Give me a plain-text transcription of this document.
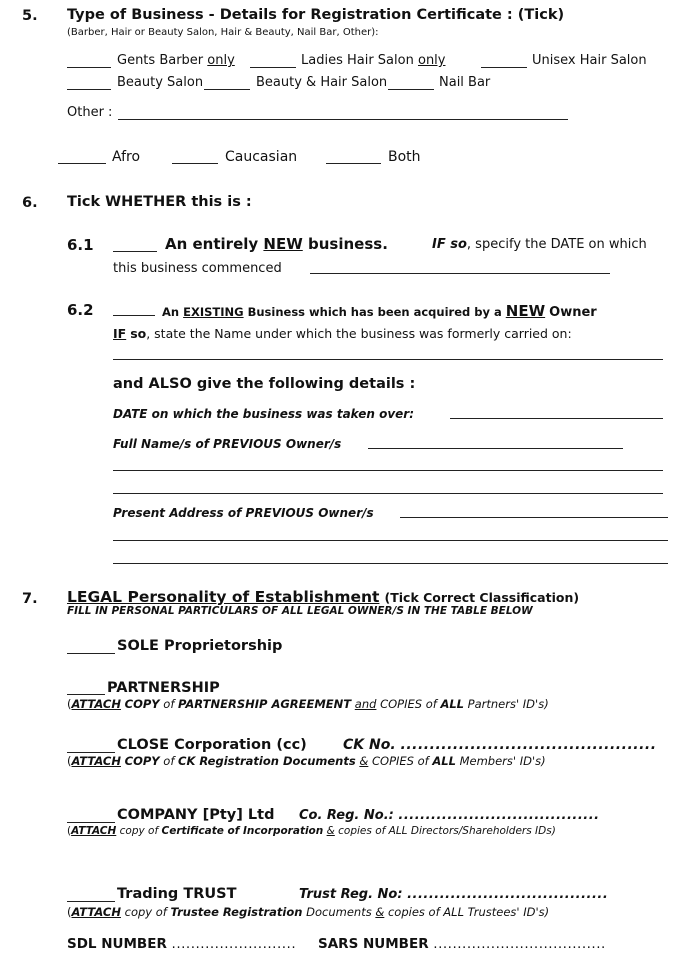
5. Type of Business - Details for Registration Certificate : (Tick)
(Barber, Hair or Beauty Salon, Hair & Beauty, Nail Bar, Other):
Gents Barber only	Ladies Hair Salon only	Unisex Hair Salon
Beauty Salon	Beauty & Hair Salon	Nail Bar
Other :
Afro	Caucasian	Both
6. Tick WHETHER this is :
6.1	An entirely NEW business.	IF so, specify the DATE on which
this business commenced
6.2	An EXISTING Business which has been acquired by a NEW Owner
IF so, state the Name under which the business was formerly carried on:
and ALSO give the following details :
DATE on which the business was taken over:
Full Name/s of PREVIOUS Owner/s
Present Address of PREVIOUS Owner/s
7. LEGAL Personality of Establishment (Tick Correct Classification)
FILL IN PERSONAL PARTICULARS OF ALL LEGAL OWNER/S IN THE TABLE BELOW
SOLE Proprietorship
PARTNERSHIP
(ATTACH COPY of PARTNERSHIP AGREEMENT and COPIES of ALL Partners' ID's)
CLOSE Corporation (cc)	CK No. ............................................
(ATTACH COPY of CK Registration Documents & COPIES of ALL Members' ID's)
COMPANY [Pty] Ltd Co. Reg. No.: .....................................
(ATTACH copy of Certificate of Incorporation & copies of ALL Directors/Shareholders IDs)
Trading TRUST	Trust Reg. No: .....................................
(ATTACH copy of Trustee Registration Documents & copies of ALL Trustees' ID's)
SDL NUMBER .......................... SARS NUMBER ....................................
